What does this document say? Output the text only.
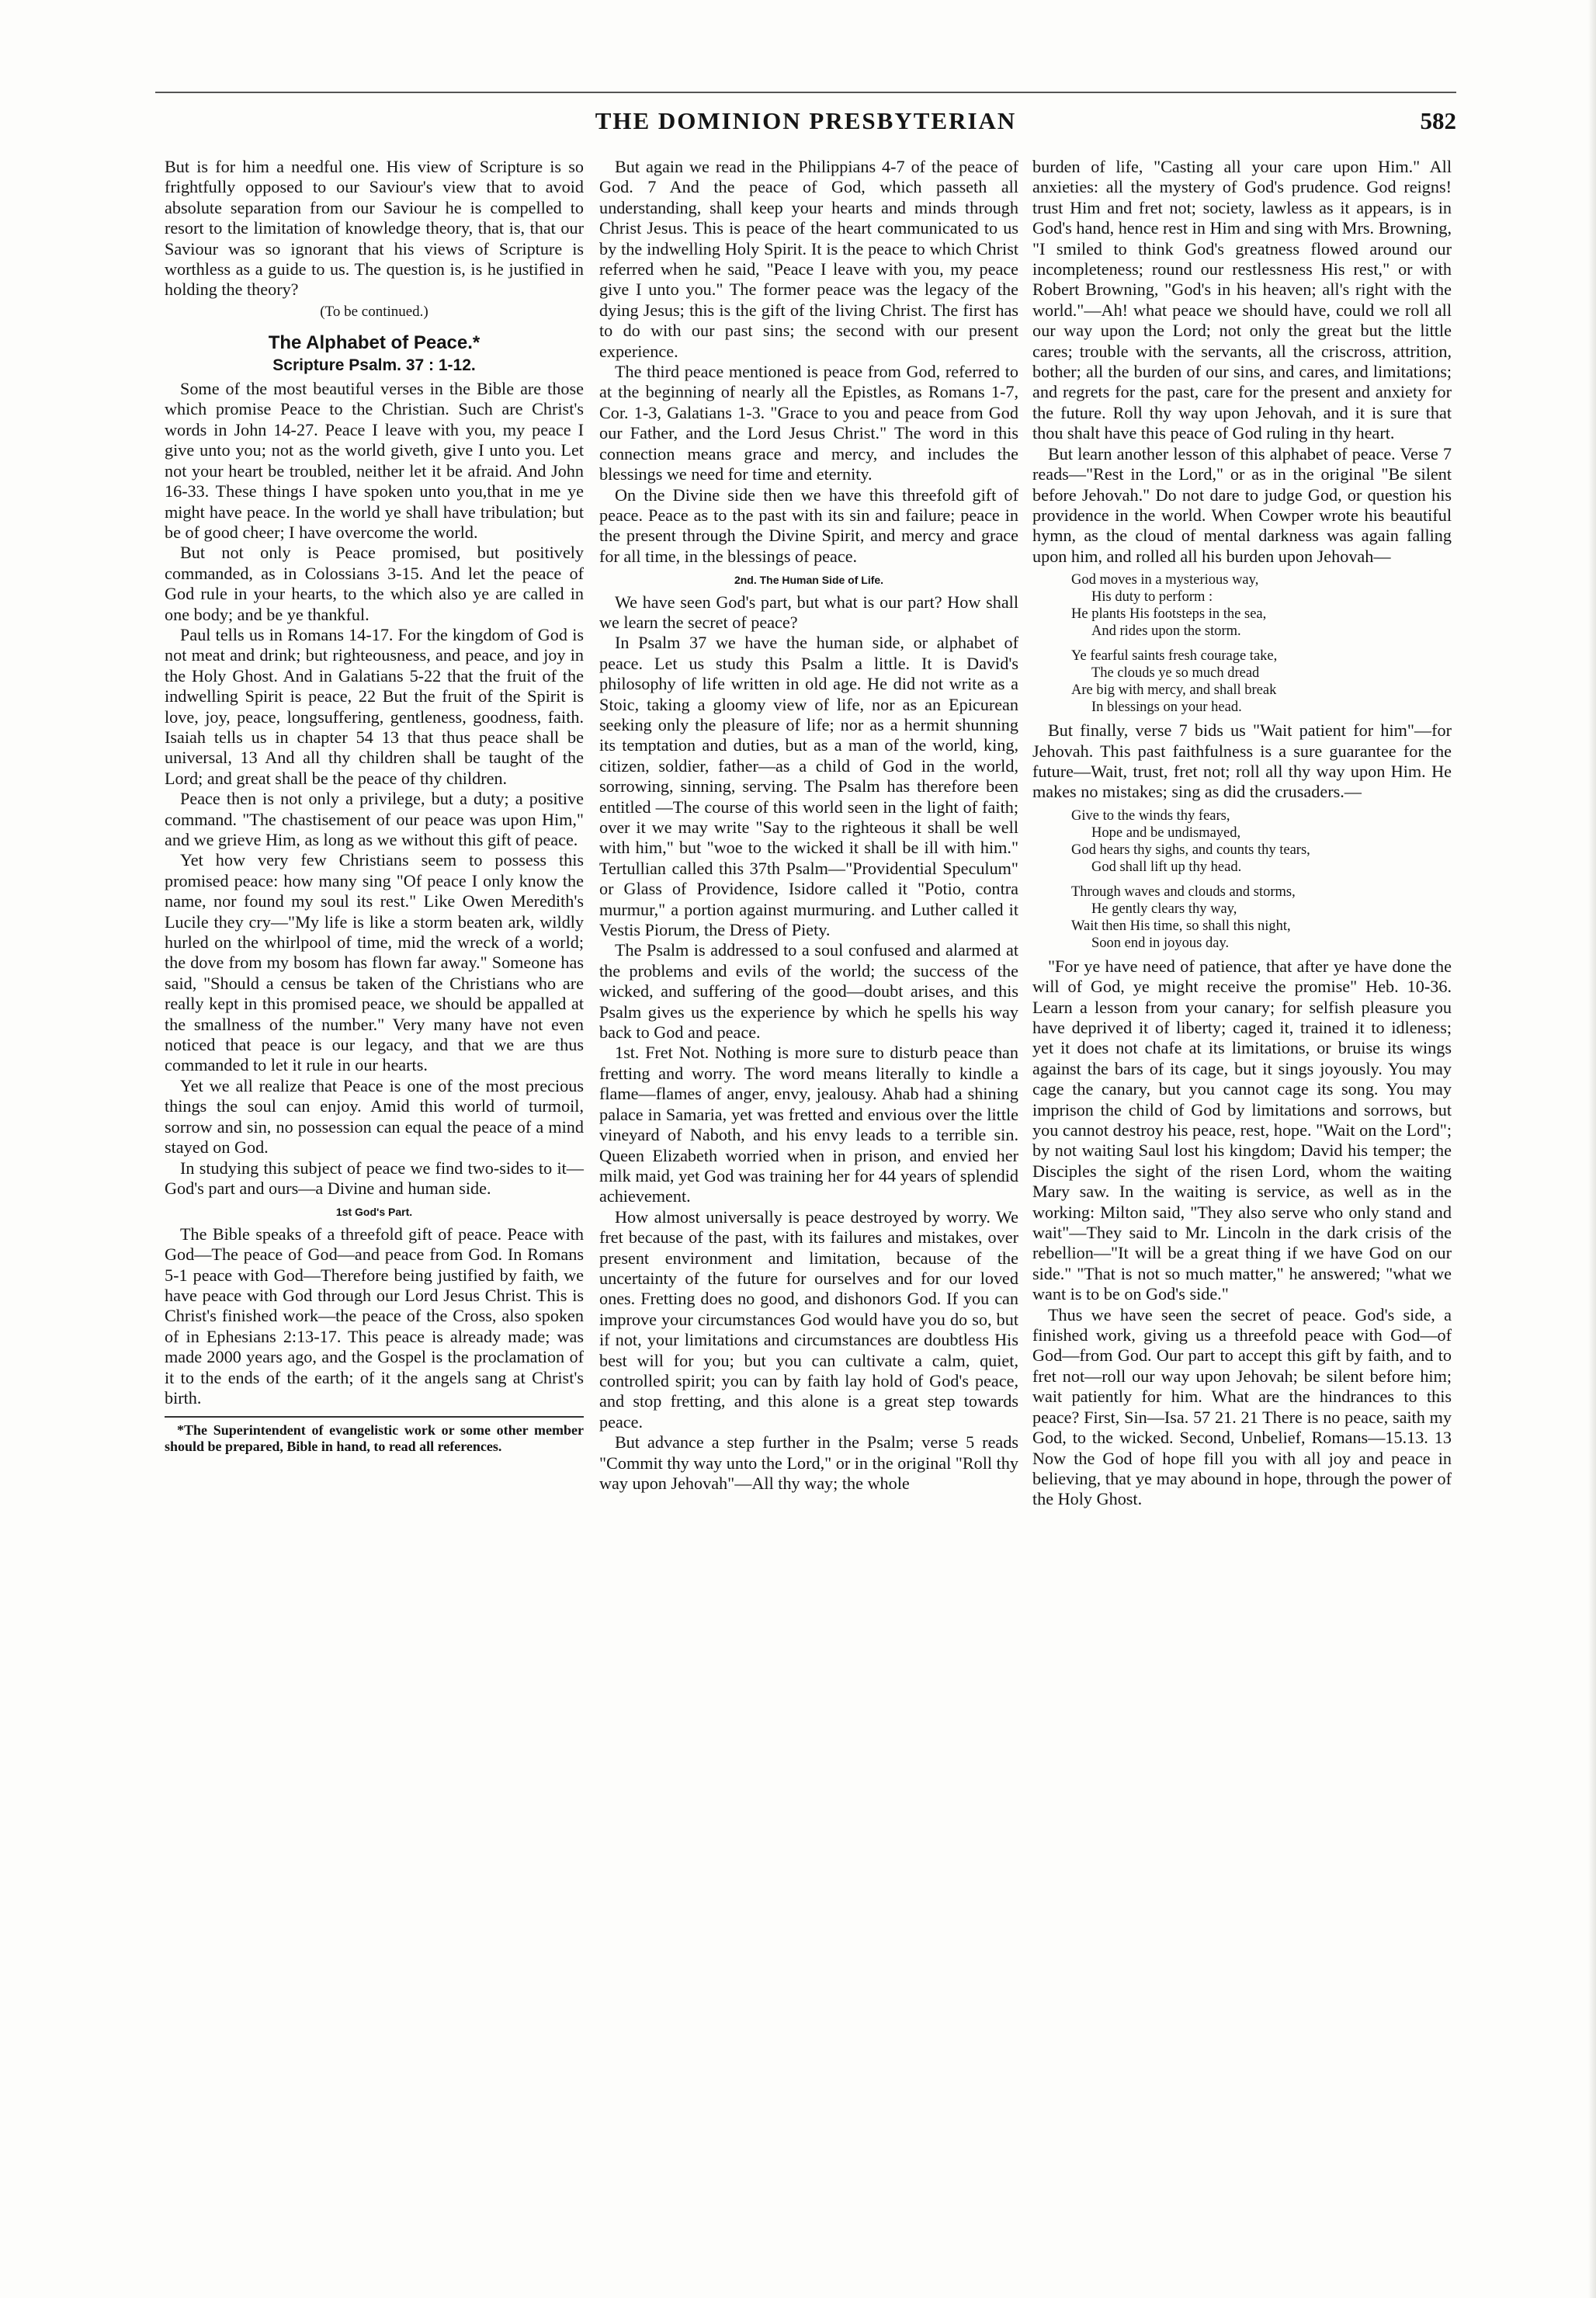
THE DOMINION PRESBYTERIAN	582

But is for him a needful one. His view of Scripture is so frightfully opposed to our Saviour's view that to avoid absolute separation from our Saviour he is compelled to resort to the limitation of knowledge theory, that is, that our Saviour was so ignorant that his views of Scripture is worthless as a guide to us. The question is, is he justified in holding the theory?

(To be continued.)
The Alphabet of Peace.*
Scripture Psalm. 37 : 1-12.

Some of the most beautiful verses in the Bible are those which promise Peace to the Christian. Such are Christ's words in John 14-27. Peace I leave with you, my peace I give unto you; not as the world giveth, give I unto you. Let not your heart be troubled, neither let it be afraid. And John 16-33. These things I have spoken unto you,that in me ye might have peace. In the world ye shall have tribulation; but be of good cheer; I have overcome the world.

But not only is Peace promised, but positively commanded, as in Colossians 3-15. And let the peace of God rule in your hearts, to the which also ye are called in one body; and be ye thankful.

Paul tells us in Romans 14-17. For the kingdom of God is not meat and drink; but righteousness, and peace, and joy in the Holy Ghost. And in Galatians 5-22 that the fruit of the indwelling Spirit is peace, 22 But the fruit of the Spirit is love, joy, peace, longsuffering, gentleness, goodness, faith. Isaiah tells us in chapter 54 13 that thus peace shall be universal, 13 And all thy children shall be taught of the Lord; and great shall be the peace of thy children.

Peace then is not only a privilege, but a duty; a positive command. "The chastisement of our peace was upon Him," and we grieve Him, as long as we without this gift of peace.

Yet how very few Christians seem to possess this promised peace: how many sing "Of peace I only know the name, nor found my soul its rest." Like Owen Meredith's Lucile they cry—"My life is like a storm beaten ark, wildly hurled on the whirlpool of time, mid the wreck of a world; the dove from my bosom has flown far away." Someone has said, "Should a census be taken of the Christians who are really kept in this promised peace, we should be appalled at the smallness of the number." Very many have not even noticed that peace is our legacy, and that we are thus commanded to let it rule in our hearts.

Yet we all realize that Peace is one of the most precious things the soul can enjoy. Amid this world of turmoil, sorrow and sin, no possession can equal the peace of a mind stayed on God.

In studying this subject of peace we find two-sides to it—God's part and ours—a Divine and human side.

1st God's Part.

The Bible speaks of a threefold gift of peace. Peace with God—The peace of God—and peace from God. In Romans 5-1 peace with God—Therefore being justified by faith, we have peace with God through our Lord Jesus Christ. This is Christ's finished work—the peace of the Cross, also spoken of in Ephesians 2:13-17. This peace is already made; was made 2000 years ago, and the Gospel is the proclamation of it to the ends of the earth; of it the angels sang at Christ's birth.

*The Superintendent of evangelistic work or some other member should be prepared, Bible in hand, to read all references.

But again we read in the Philippians 4-7 of the peace of God. 7 And the peace of God, which passeth all understanding, shall keep your hearts and minds through Christ Jesus. This is peace of the heart communicated to us by the indwelling Holy Spirit. It is the peace to which Christ referred when he said, "Peace I leave with you, my peace give I unto you." The former peace was the legacy of the dying Jesus; this is the gift of the living Christ. The first has to do with our past sins; the second with our present experience.

The third peace mentioned is peace from God, referred to at the beginning of nearly all the Epistles, as Romans 1-7, Cor. 1-3, Galatians 1-3. "Grace to you and peace from God our Father, and the Lord Jesus Christ." The word in this connection means grace and mercy, and includes the blessings we need for time and eternity.

On the Divine side then we have this threefold gift of peace. Peace as to the past with its sin and failure; peace in the present through the Divine Spirit, and mercy and grace for all time, in the blessings of peace.

2nd. The Human Side of Life.

We have seen God's part, but what is our part? How shall we learn the secret of peace?

In Psalm 37 we have the human side, or alphabet of peace. Let us study this Psalm a little. It is David's philosophy of life written in old age. He did not write as a Stoic, taking a gloomy view of life, nor as an Epicurean seeking only the pleasure of life; nor as a hermit shunning its temptation and duties, but as a man of the world, king, citizen, soldier, father—as a child of God in the world, sorrowing, sinning, serving. The Psalm has therefore been entitled —The course of this world seen in the light of faith; over it we may write "Say to the righteous it shall be well with him," but "woe to the wicked it shall be ill with him." Tertullian called this 37th Psalm—"Providential Speculum" or Glass of Providence, Isidore called it "Potio, contra murmur," a portion against murmuring. and Luther called it Vestis Piorum, the Dress of Piety.

The Psalm is addressed to a soul confused and alarmed at the problems and evils of the world; the success of the wicked, and suffering of the good—doubt arises, and this Psalm gives us the experience by which he spells his way back to God and peace.

1st. Fret Not. Nothing is more sure to disturb peace than fretting and worry. The word means literally to kindle a flame—flames of anger, envy, jealousy. Ahab had a shining palace in Samaria, yet was fretted and envious over the little vineyard of Naboth, and his envy leads to a terrible sin. Queen Elizabeth worried when in prison, and envied her milk maid, yet God was training her for 44 years of splendid achievement.

How almost universally is peace destroyed by worry. We fret because of the past, with its failures and mistakes, over present environment and limitation, because of the uncertainty of the future for ourselves and for our loved ones. Fretting does no good, and dishonors God. If you can improve your circumstances God would have you do so, but if not, your limitations and circumstances are doubtless His best will for you; but you can cultivate a calm, quiet, controlled spirit; you can by faith lay hold of God's peace, and stop fretting, and this alone is a great step towards peace.

But advance a step further in the Psalm; verse 5 reads "Commit thy way unto the Lord," or in the original "Roll thy way upon Jehovah"—All thy way; the whole

burden of life, "Casting all your care upon Him." All anxieties: all the mystery of God's prudence. God reigns! trust Him and fret not; society, lawless as it appears, is in God's hand, hence rest in Him and sing with Mrs. Browning, "I smiled to think God's greatness flowed around our incompleteness; round our restlessness His rest," or with Robert Browning, "God's in his heaven; all's right with the world."—Ah! what peace we should have, could we roll all our way upon the Lord; not only the great but the little cares; trouble with the servants, all the criscross, attrition, bother; all the burden of our sins, and cares, and limitations; and regrets for the past, care for the present and anxiety for the future. Roll thy way upon Jehovah, and it is sure that thou shalt have this peace of God ruling in thy heart.

But learn another lesson of this alphabet of peace. Verse 7 reads—"Rest in the Lord," or as in the original "Be silent before Jehovah." Do not dare to judge God, or question his providence in the world. When Cowper wrote his beautiful hymn, as the cloud of mental darkness was again falling upon him, and rolled all his burden upon Jehovah—

God moves in a mysterious way,
His duty to perform :
He plants His footsteps in the sea,
And rides upon the storm.
Ye fearful saints fresh courage take,
The clouds ye so much dread
Are big with mercy, and shall break
In blessings on your head.

But finally, verse 7 bids us "Wait patient for him"—for Jehovah. This past faithfulness is a sure guarantee for the future—Wait, trust, fret not; roll all thy way upon Him. He makes no mistakes; sing as did the crusaders.—

Give to the winds thy fears,
Hope and be undismayed,
God hears thy sighs, and counts thy tears,
God shall lift up thy head.
Through waves and clouds and storms,
He gently clears thy way,
Wait then His time, so shall this night,
Soon end in joyous day.

"For ye have need of patience, that after ye have done the will of God, ye might receive the promise" Heb. 10-36. Learn a lesson from your canary; for selfish pleasure you have deprived it of liberty; caged it, trained it to idleness; yet it does not chafe at its limitations, or bruise its wings against the bars of its cage, but it sings joyously. You may cage the canary, but you cannot cage its song. You may imprison the child of God by limitations and sorrows, but you cannot destroy his peace, rest, hope. "Wait on the Lord"; by not waiting Saul lost his kingdom; David his temper; the Disciples the sight of the risen Lord, whom the waiting Mary saw. In the waiting is service, as well as in the working: Milton said, "They also serve who only stand and wait"—They said to Mr. Lincoln in the dark crisis of the rebellion—"It will be a great thing if we have God on our side." "That is not so much matter," he answered; "what we want is to be on God's side."

Thus we have seen the secret of peace. God's side, a finished work, giving us a threefold peace with God—of God—from God. Our part to accept this gift by faith, and to fret not—roll our way upon Jehovah; be silent before him; wait patiently for him. What are the hindrances to this peace? First, Sin—Isa. 57 21. 21 There is no peace, saith my God, to the wicked. Second, Unbelief, Romans—15.13. 13 Now the God of hope fill you with all joy and peace in believing, that ye may abound in hope, through the power of the Holy Ghost.
